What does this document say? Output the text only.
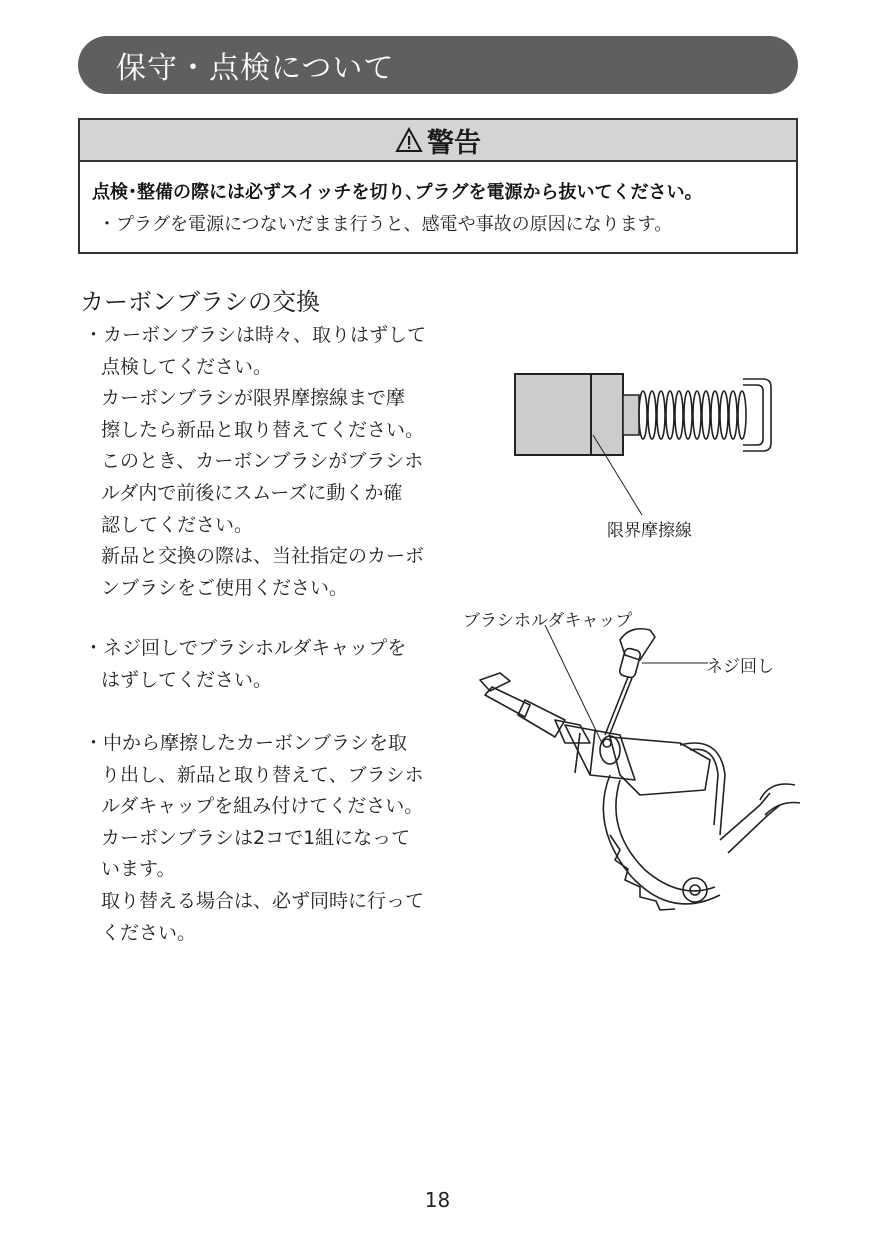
保守・点検について
警告
点検･整備の際には必ずスイッチを切り､プラグを電源から抜いてください｡
・プラグを電源につないだまま行うと、感電や事故の原因になります。
カーボンブラシの交換
・カーボンブラシは時々、取りはずして
点検してください。
カーボンブラシが限界摩擦線まで摩
擦したら新品と取り替えてください。
このとき、カーボンブラシがブラシホ
ルダ内で前後にスムーズに動くか確
認してください。
新品と交換の際は、当社指定のカーボ
ンブラシをご使用ください。
・ネジ回しでブラシホルダキャップを
はずしてください。
・中から摩擦したカーボンブラシを取
り出し、新品と取り替えて、ブラシホ
ルダキャップを組み付けてください。
カーボンブラシは2コで1組になって
います。
取り替える場合は、必ず同時に行って
ください。
限界摩擦線
ブラシホルダキャップ
ネジ回し
18
